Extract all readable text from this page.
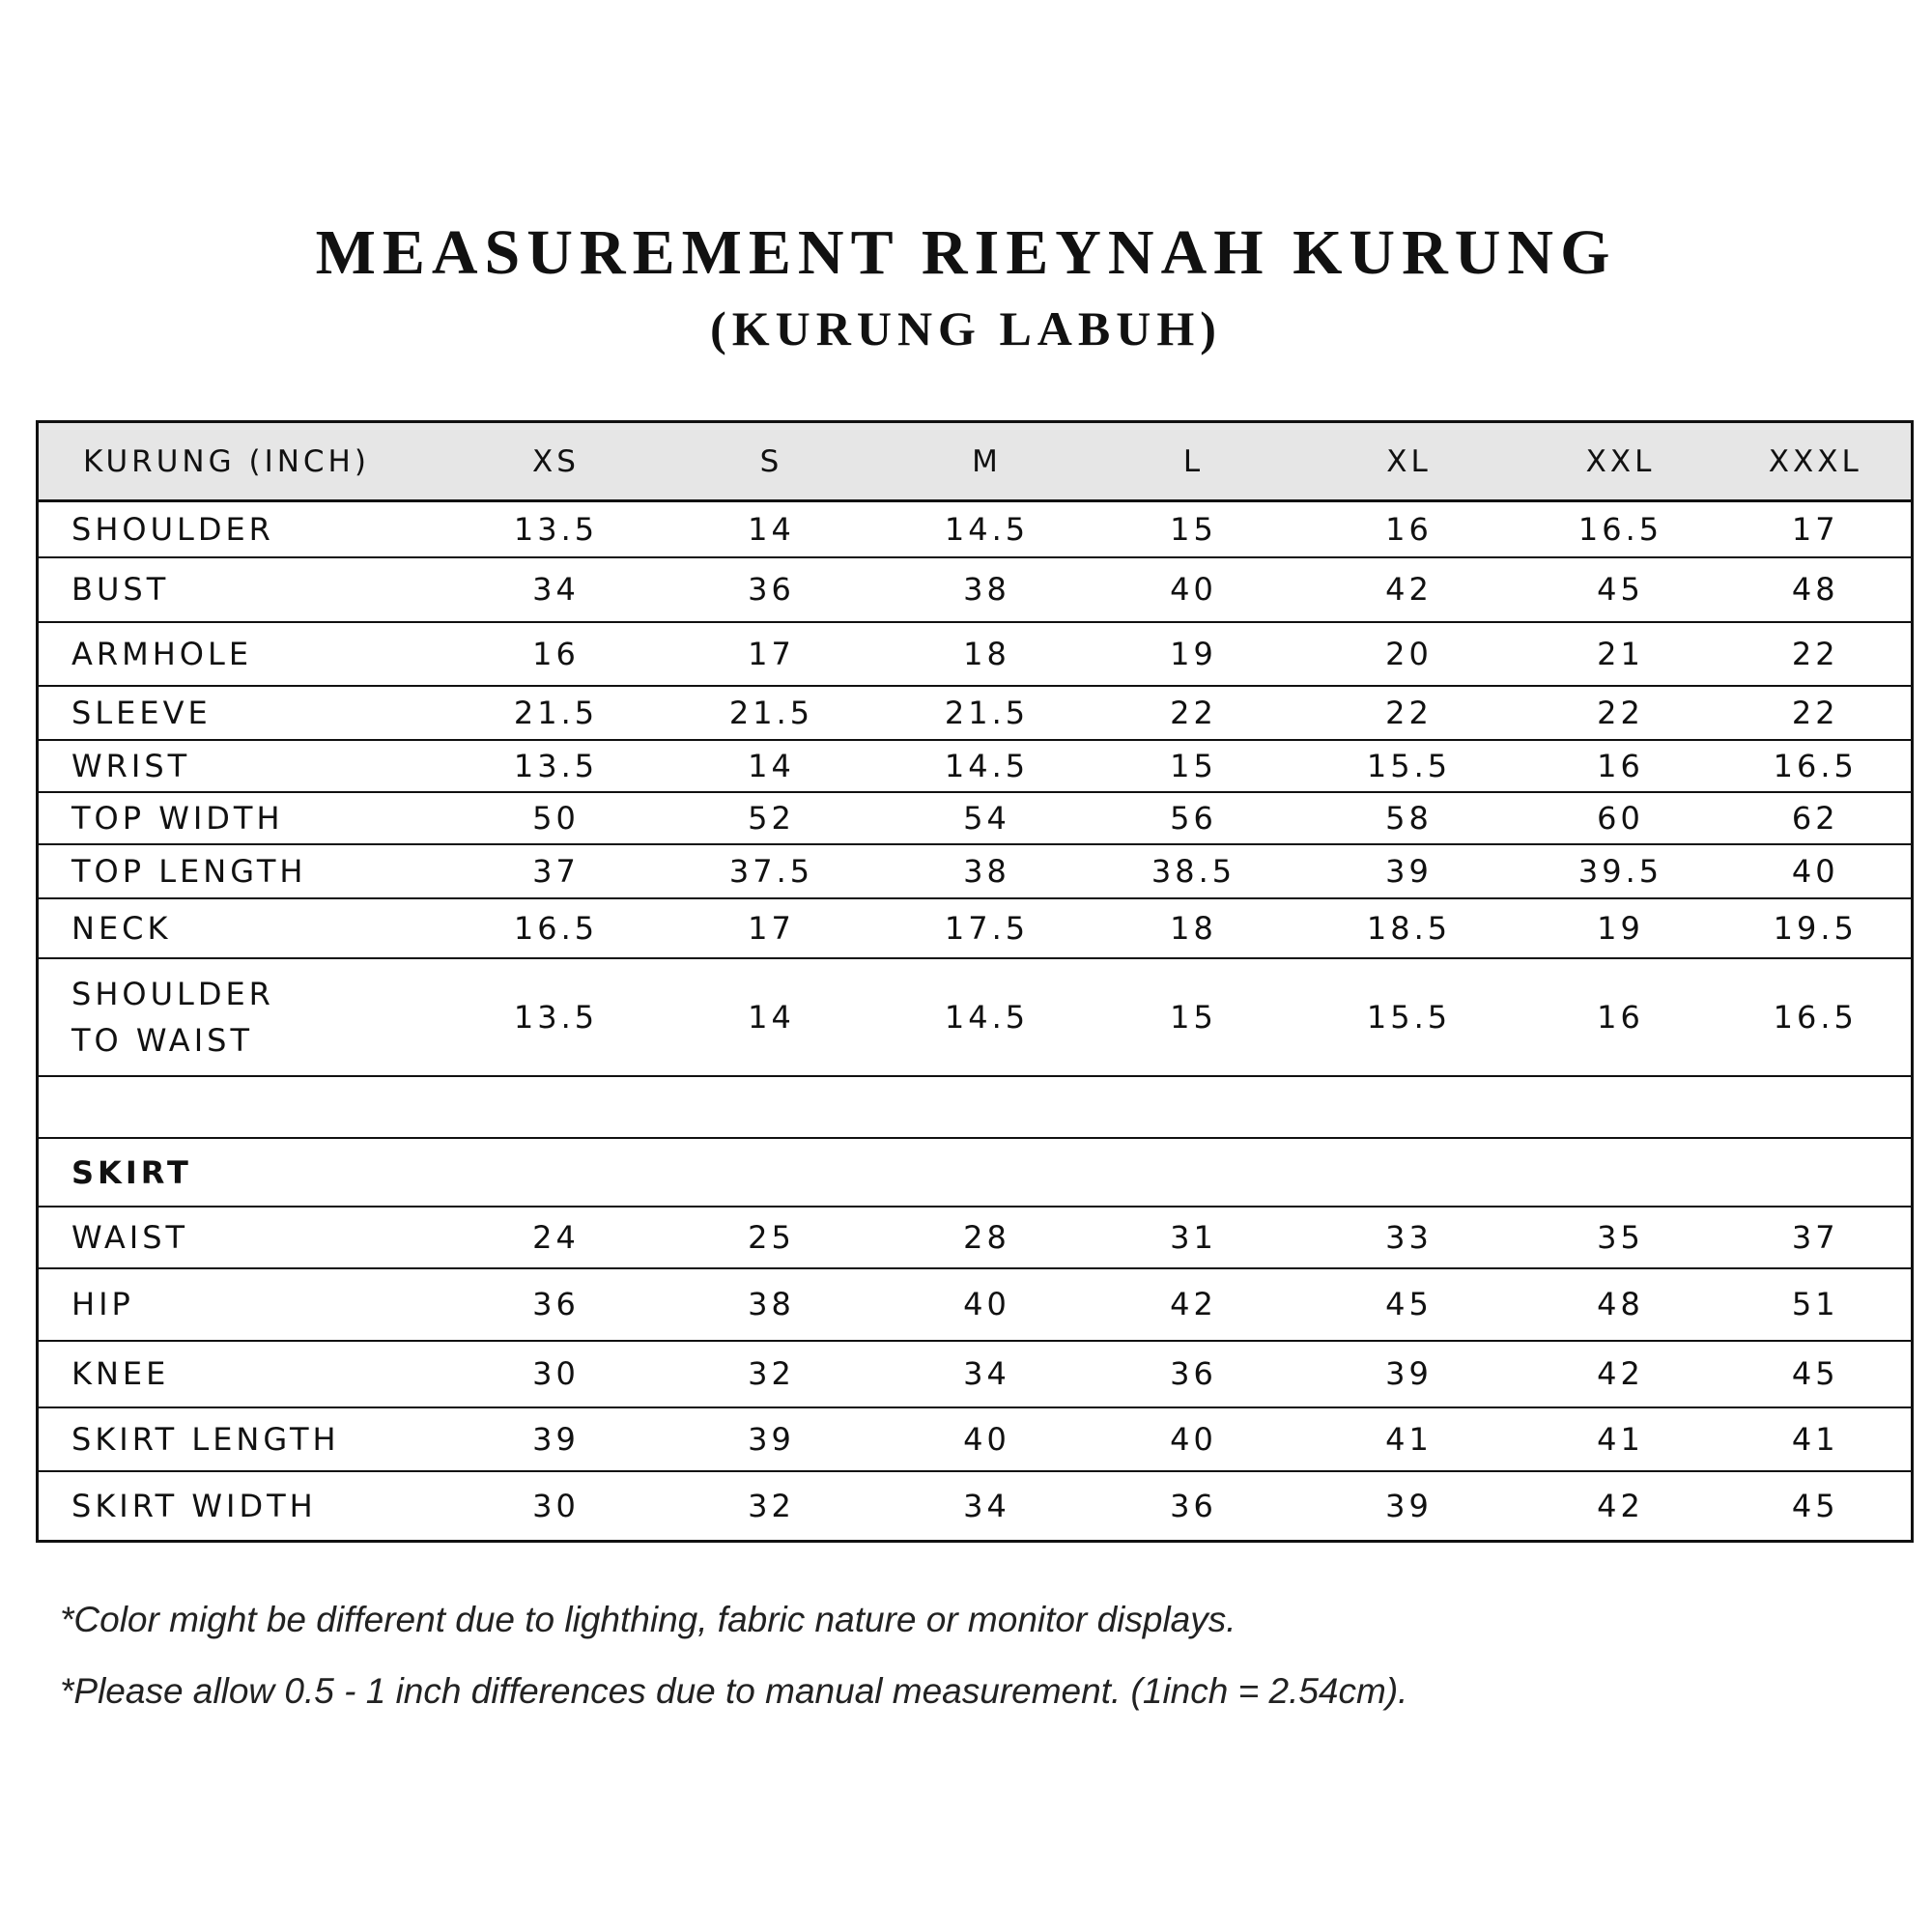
MEASUREMENT RIEYNAH KURUNG
(KURUNG LABUH)
KURUNG (INCH)	XS	S	M	L	XL	XXL	XXXL
SHOULDER	13.5	14	14.5	15	16	16.5	17
BUST	34	36	38	40	42	45	48
ARMHOLE	16	17	18	19	20	21	22
SLEEVE	21.5	21.5	21.5	22	22	22	22
WRIST	13.5	14	14.5	15	15.5	16	16.5
TOP WIDTH	50	52	54	56	58	60	62
TOP LENGTH	37	37.5	38	38.5	39	39.5	40
NECK	16.5	17	17.5	18	18.5	19	19.5

SHOULDER
TO WAIST	13.5	14	14.5	15	15.5	16	16.5

SKIRT							
WAIST	24	25	28	31	33	35	37
HIP	36	38	40	42	45	48	51
KNEE	30	32	34	36	39	42	45
SKIRT LENGTH	39	39	40	40	41	41	41
SKIRT WIDTH	30	32	34	36	39	42	45
*Color might be different due to lighthing, fabric nature or monitor displays.
*Please allow 0.5 - 1 inch differences due to manual measurement. (1inch = 2.54cm).
